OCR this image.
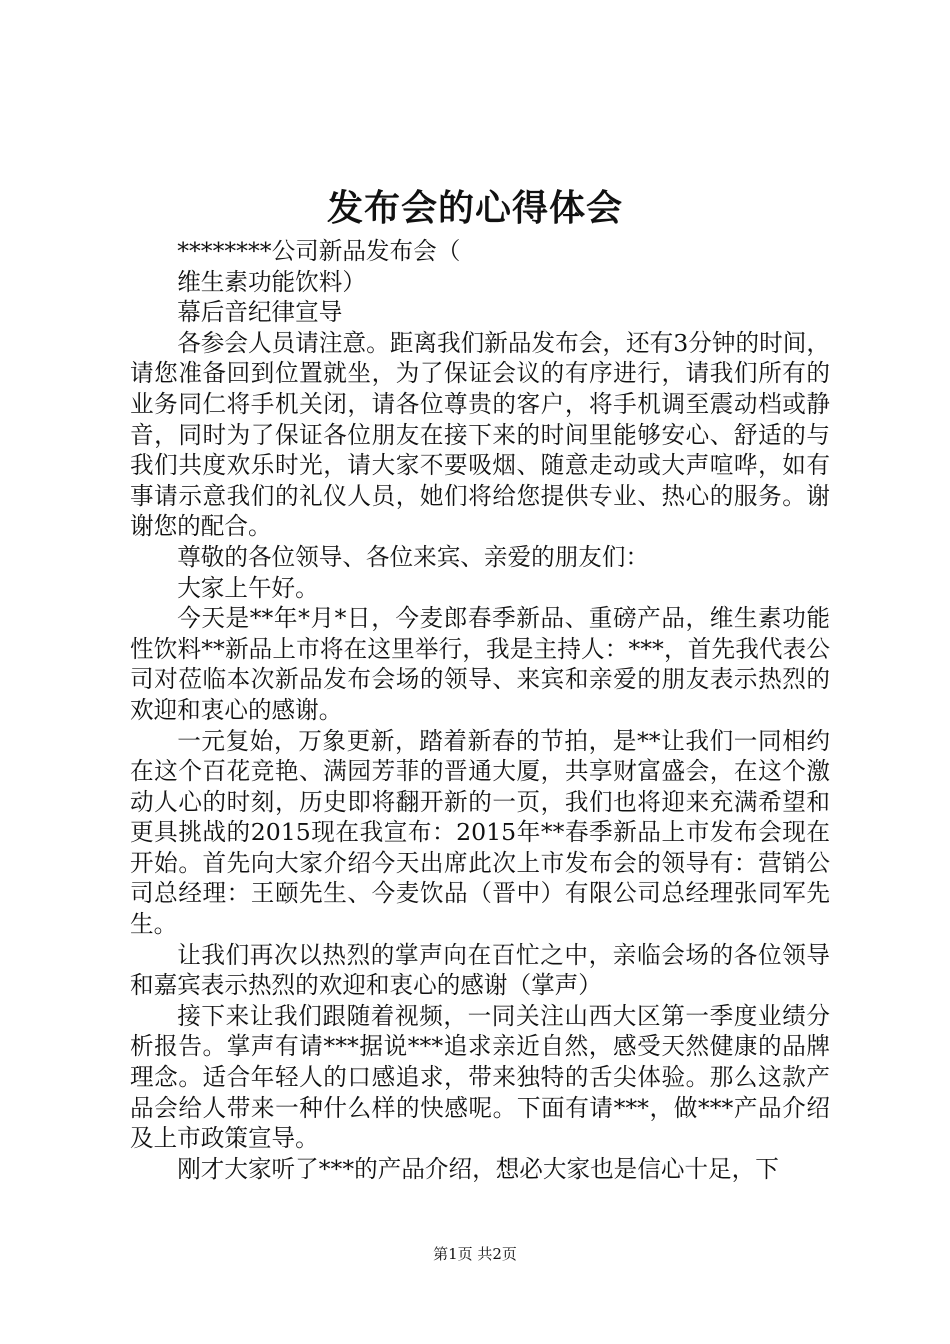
发布会的心得体会

********公司新品发布会（

维生素功能饮料）

幕后音纪律宣导

各参会人员请注意。距离我们新品发布会，还有3分钟的时间，请您准备回到位置就坐，为了保证会议的有序进行，请我们所有的业务同仁将手机关闭，请各位尊贵的客户，将手机调至震动档或静音，同时为了保证各位朋友在接下来的时间里能够安心、舒适的与我们共度欢乐时光，请大家不要吸烟、随意走动或大声喧哗，如有事请示意我们的礼仪人员，她们将给您提供专业、热心的服务。谢谢您的配合。

尊敬的各位领导、各位来宾、亲爱的朋友们：

大家上午好。

今天是**年*月*日，今麦郎春季新品、重磅产品，维生素功能性饮料**新品上市将在这里举行，我是主持人：***，首先我代表公司对莅临本次新品发布会场的领导、来宾和亲爱的朋友表示热烈的欢迎和衷心的感谢。

一元复始，万象更新，踏着新春的节拍，是**让我们一同相约在这个百花竞艳、满园芳菲的晋通大厦，共享财富盛会，在这个激动人心的时刻，历史即将翻开新的一页，我们也将迎来充满希望和更具挑战的2015现在我宣布：2015年**春季新品上市发布会现在开始。首先向大家介绍今天出席此次上市发布会的领导有：营销公司总经理：王颐先生、今麦饮品（晋中）有限公司总经理张同军先生。

让我们再次以热烈的掌声向在百忙之中，亲临会场的各位领导和嘉宾表示热烈的欢迎和衷心的感谢（掌声）

接下来让我们跟随着视频，一同关注山西大区第一季度业绩分析报告。掌声有请***据说***追求亲近自然，感受天然健康的品牌理念。适合年轻人的口感追求，带来独特的舌尖体验。那么这款产品会给人带来一种什么样的快感呢。下面有请***，做***产品介绍及上市政策宣导。

刚才大家听了***的产品介绍，想必大家也是信心十足，下

第1页 共2页
